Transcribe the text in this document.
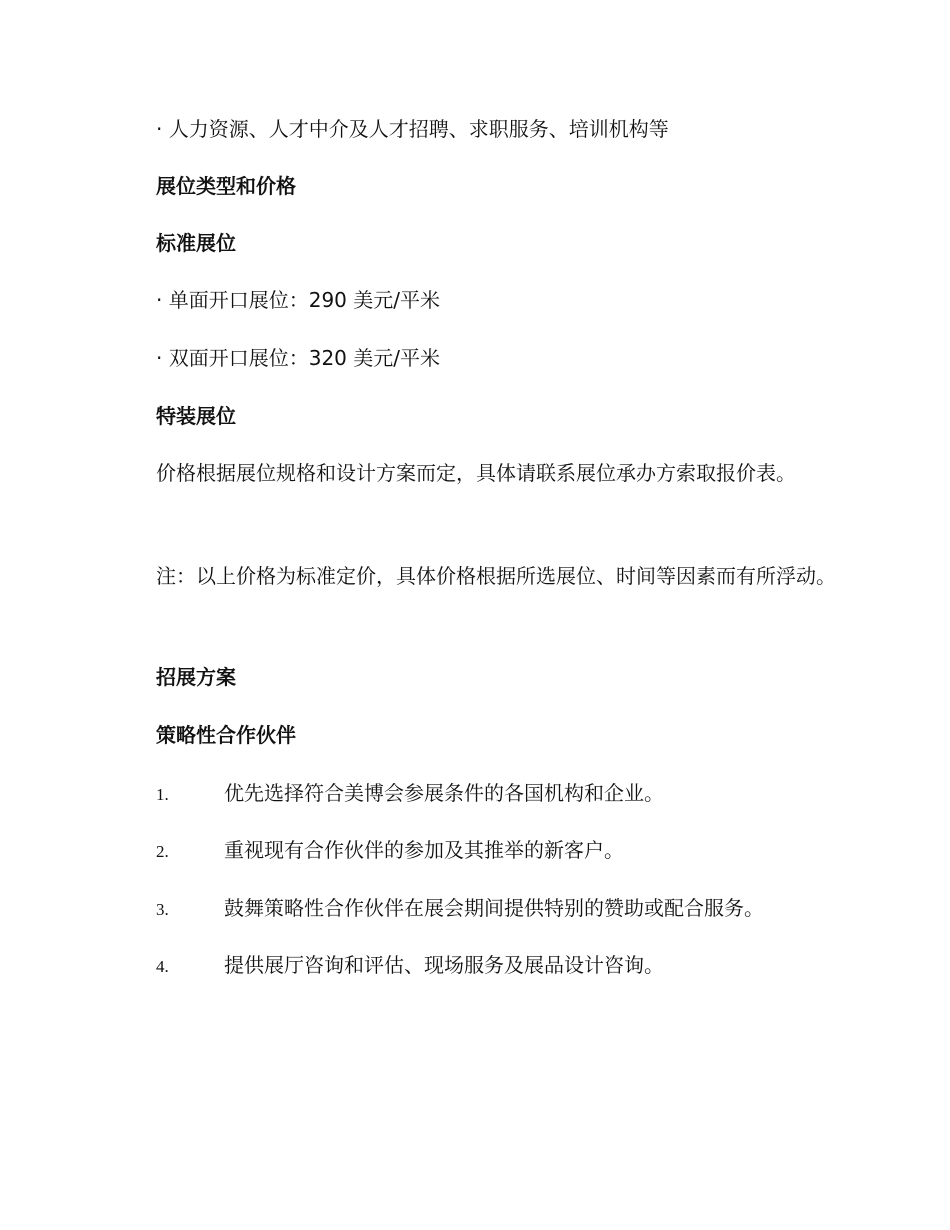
· 人力资源、人才中介及人才招聘、求职服务、培训机构等
展位类型和价格
标准展位
· 单面开口展位：290 美元/平米
· 双面开口展位：320 美元/平米
特装展位
价格根据展位规格和设计方案而定，具体请联系展位承办方索取报价表。
注：以上价格为标准定价，具体价格根据所选展位、时间等因素而有所浮动。
招展方案
策略性合作伙伴
1.	优先选择符合美博会参展条件的各国机构和企业。
2.	重视现有合作伙伴的参加及其推举的新客户。
3.	鼓舞策略性合作伙伴在展会期间提供特别的赞助或配合服务。
4.	提供展厅咨询和评估、现场服务及展品设计咨询。
